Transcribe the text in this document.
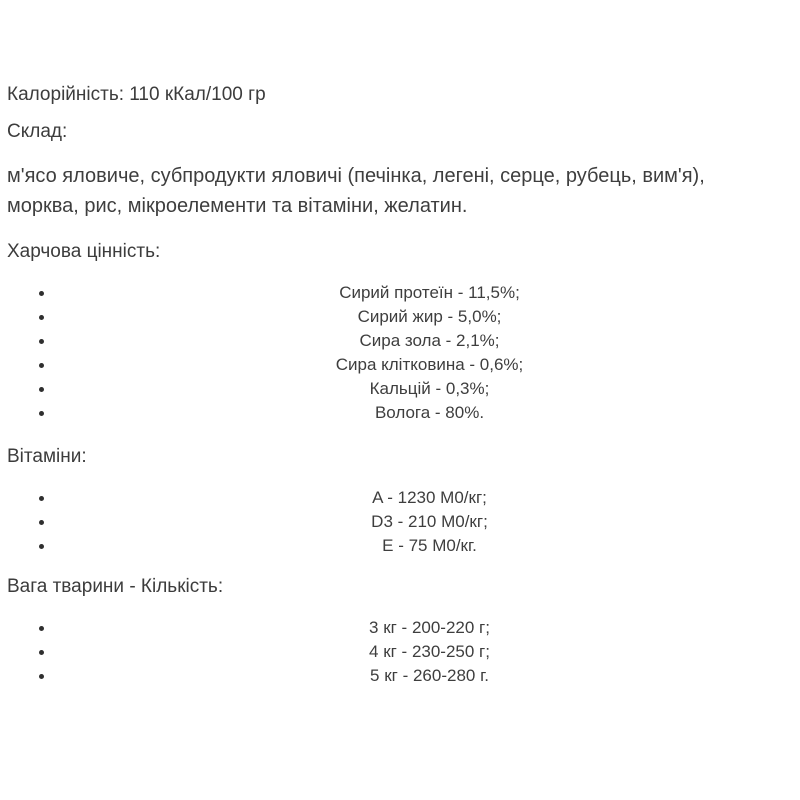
Калорійність: 110 кКал/100 гр

Склад:

м'ясо яловиче, субпродукти яловичі (печінка, легені, серце, рубець, вим'я),
морква, рис, мікроелементи та вітаміни, желатин.

Харчова цінність:

Сирий протеїн - 11,5%;
Сирий жир - 5,0%;
Сира зола - 2,1%;
Сира клітковина - 0,6%;
Кальцій - 0,3%;
Волога - 80%.

Вітаміни:

A - 1230 М0/кг;
D3 - 210 М0/кг;
E - 75 М0/кг.

Вага тварини - Кількість:

3 кг - 200-220 г;
4 кг - 230-250 г;
5 кг - 260-280 г.
